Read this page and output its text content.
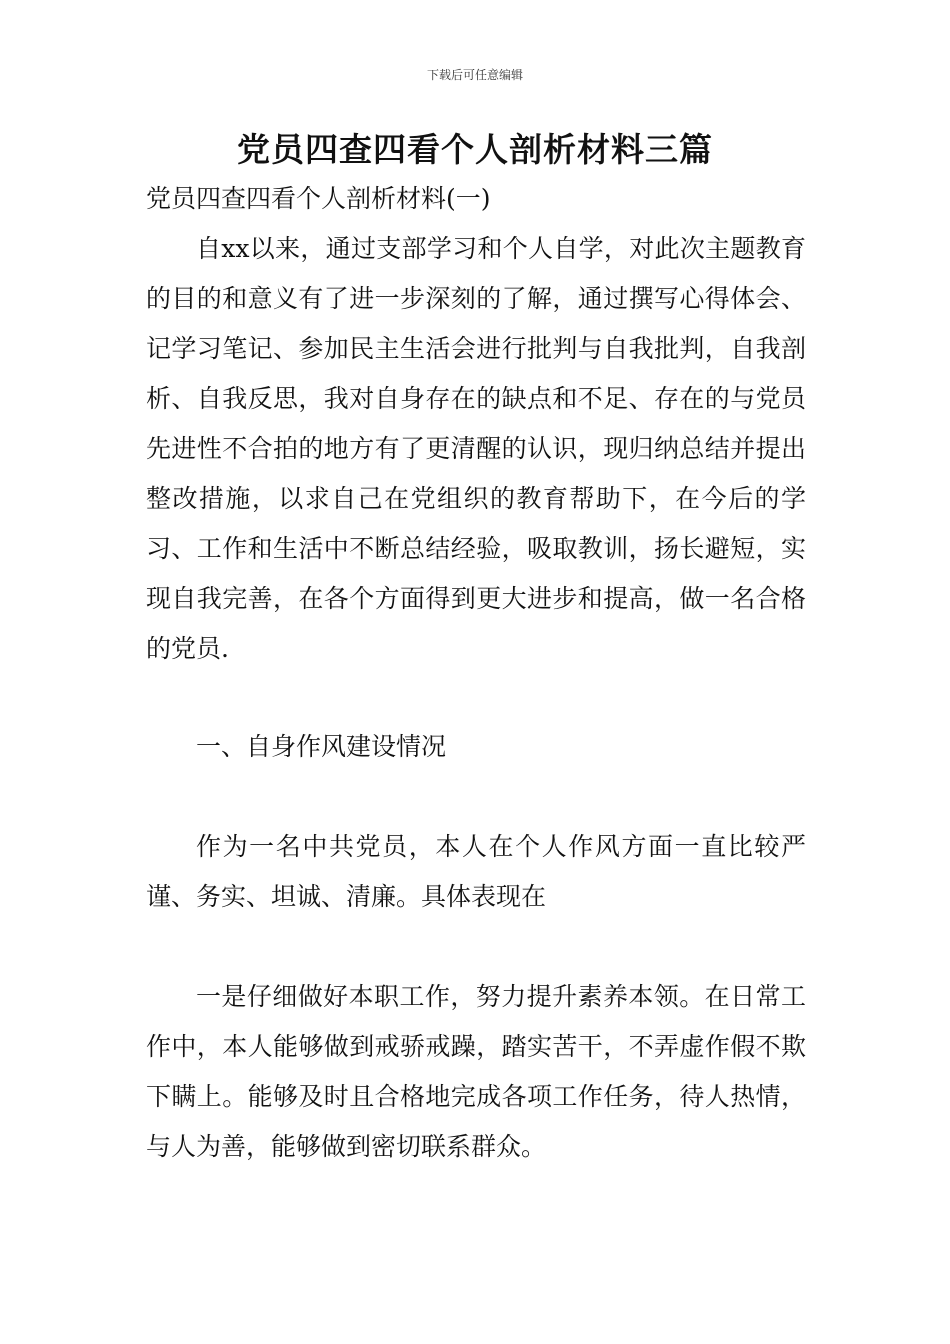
下载后可任意编辑
党员四查四看个人剖析材料三篇

党员四查四看个人剖析材料(一)

自xx以来，通过支部学习和个人自学，对此次主题教育的目的和意义有了进一步深刻的了解，通过撰写心得体会、记学习笔记、参加民主生活会进行批判与自我批判，自我剖析、自我反思，我对自身存在的缺点和不足、存在的与党员先进性不合拍的地方有了更清醒的认识，现归纳总结并提出整改措施，以求自己在党组织的教育帮助下，在今后的学习、工作和生活中不断总结经验，吸取教训，扬长避短，实现自我完善，在各个方面得到更大进步和提高，做一名合格的党员.

一、自身作风建设情况

作为一名中共党员，本人在个人作风方面一直比较严谨、务实、坦诚、清廉。具体表现在

一是仔细做好本职工作，努力提升素养本领。在日常工作中，本人能够做到戒骄戒躁，踏实苦干，不弄虚作假不欺下瞒上。能够及时且合格地完成各项工作任务，待人热情，与人为善，能够做到密切联系群众。
